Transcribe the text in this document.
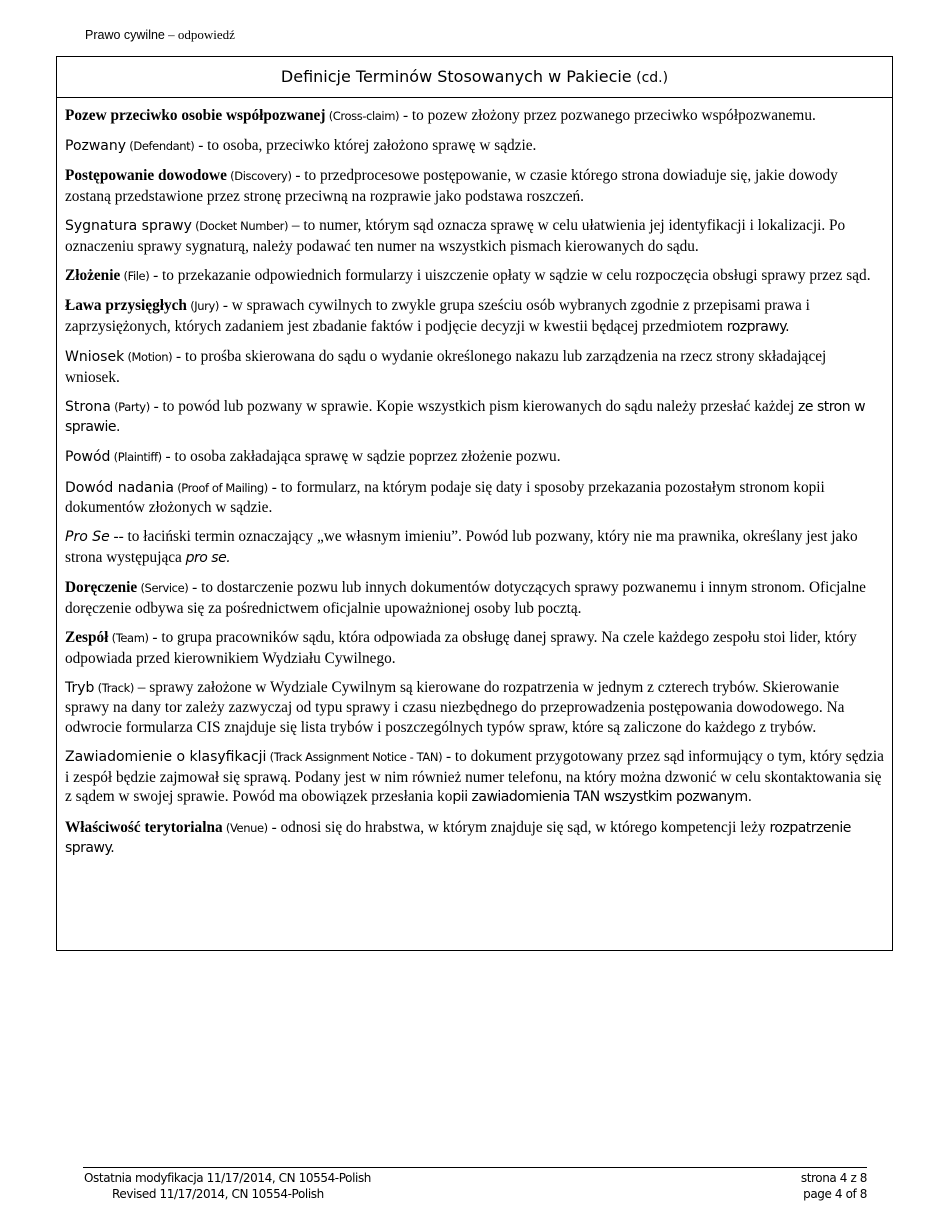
Prawo cywilne – odpowiedź
Definicje Terminów Stosowanych w Pakiecie (cd.)
Pozew przeciwko osobie współpozwanej (Cross-claim) - to pozew złożony przez pozwanego przeciwko współpozwanemu.
Pozwany (Defendant) - to osoba, przeciwko której założono sprawę w sądzie.
Postępowanie dowodowe (Discovery) - to przedprocesowe postępowanie, w czasie którego strona dowiaduje się, jakie dowody zostaną przedstawione przez stronę przeciwną na rozprawie jako podstawa roszczeń.
Sygnatura sprawy (Docket Number) – to numer, którym sąd oznacza sprawę w celu ułatwienia jej identyfikacji i lokalizacji. Po oznaczeniu sprawy sygnaturą, należy podawać ten numer na wszystkich pismach kierowanych do sądu.
Złożenie (File) - to przekazanie odpowiednich formularzy i uiszczenie opłaty w sądzie w celu rozpoczęcia obsługi sprawy przez sąd.
Ława przysięgłych (Jury) - w sprawach cywilnych to zwykle grupa sześciu osób wybranych zgodnie z przepisami prawa i zaprzysiężonych, których zadaniem jest zbadanie faktów i podjęcie decyzji w kwestii będącej przedmiotem rozprawy.
Wniosek (Motion) - to prośba skierowana do sądu o wydanie określonego nakazu lub zarządzenia na rzecz strony składającej wniosek.
Strona (Party) - to powód lub pozwany w sprawie. Kopie wszystkich pism kierowanych do sądu należy przesłać każdej ze stron w sprawie.
Powód (Plaintiff) - to osoba zakładająca sprawę w sądzie poprzez złożenie pozwu.
Dowód nadania (Proof of Mailing) - to formularz, na którym podaje się daty i sposoby przekazania pozostałym stronom kopii dokumentów złożonych w sądzie.
Pro Se -- to łaciński termin oznaczający „we własnym imieniu”. Powód lub pozwany, który nie ma prawnika, określany jest jako strona występująca pro se.
Doręczenie (Service) - to dostarczenie pozwu lub innych dokumentów dotyczących sprawy pozwanemu i innym stronom. Oficjalne doręczenie odbywa się za pośrednictwem oficjalnie upoważnionej osoby lub pocztą.
Zespół (Team) - to grupa pracowników sądu, która odpowiada za obsługę danej sprawy. Na czele każdego zespołu stoi lider, który odpowiada przed kierownikiem Wydziału Cywilnego.
Tryb (Track) – sprawy założone w Wydziale Cywilnym są kierowane do rozpatrzenia w jednym z czterech trybów. Skierowanie sprawy na dany tor zależy zazwyczaj od typu sprawy i czasu niezbędnego do przeprowadzenia postępowania dowodowego. Na odwrocie formularza CIS znajduje się lista trybów i poszczególnych typów spraw, które są zaliczone do każdego z trybów.
Zawiadomienie o klasyfikacji (Track Assignment Notice - TAN) - to dokument przygotowany przez sąd informujący o tym, który sędzia i zespół będzie zajmował się sprawą. Podany jest w nim również numer telefonu, na który można dzwonić w celu skontaktowania się z sądem w swojej sprawie. Powód ma obowiązek przesłania kopii zawiadomienia TAN wszystkim pozwanym.
Właściwość terytorialna (Venue) - odnosi się do hrabstwa, w którym znajduje się sąd, w którego kompetencji leży rozpatrzenie sprawy.
Ostatnia modyfikacja 11/17/2014, CN 10554-Polish
Revised 11/17/2014, CN 10554-Polish
strona 4 z 8
page 4 of 8
